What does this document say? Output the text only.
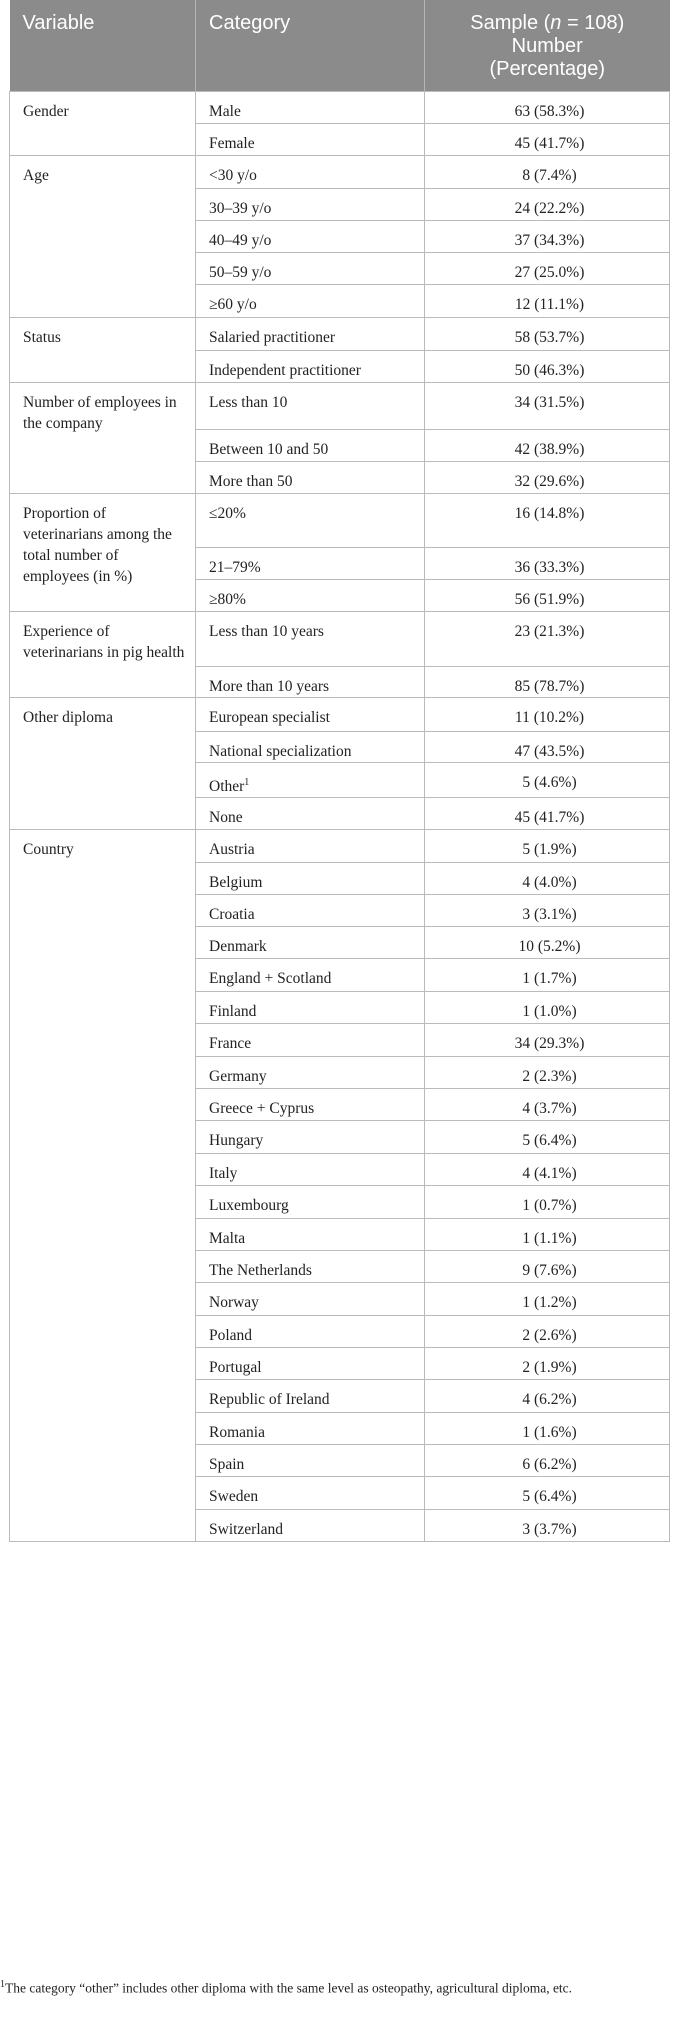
Variable	Category	Sample (n = 108)
Number
(Percentage)
Gender	Male	63 (58.3%)
	Female	45 (41.7%)
Age	<30 y/o	8 (7.4%)
	30–39 y/o	24 (22.2%)
	40–49 y/o	37 (34.3%)
	50–59 y/o	27 (25.0%)
	≥60 y/o	12 (11.1%)
Status	Salaried practitioner	58 (53.7%)
	Independent practitioner	50 (46.3%)
Number of employees in the company	Less than 10	34 (31.5%)
	Between 10 and 50	42 (38.9%)
	More than 50	32 (29.6%)
Proportion of veterinarians among the total number of employees (in %)	≤20%	16 (14.8%)
	21–79%	36 (33.3%)
	≥80%	56 (51.9%)
Experience of veterinarians in pig health	Less than 10 years	23 (21.3%)
	More than 10 years	85 (78.7%)
Other diploma	European specialist	11 (10.2%)
	National specialization	47 (43.5%)
	Other$^1$	5 (4.6%)
	None	45 (41.7%)
Country	Austria	5 (1.9%)
	Belgium	4 (4.0%)
	Croatia	3 (3.1%)
	Denmark	10 (5.2%)
	England + Scotland	1 (1.7%)
	Finland	1 (1.0%)
	France	34 (29.3%)
	Germany	2 (2.3%)
	Greece + Cyprus	4 (3.7%)
	Hungary	5 (6.4%)
	Italy	4 (4.1%)
	Luxembourg	1 (0.7%)
	Malta	1 (1.1%)
	The Netherlands	9 (7.6%)
	Norway	1 (1.2%)
	Poland	2 (2.6%)
	Portugal	2 (1.9%)
	Republic of Ireland	4 (6.2%)
	Romania	1 (1.6%)
	Spain	6 (6.2%)
	Sweden	5 (6.4%)
	Switzerland	3 (3.7%)
$^1$The category “other” includes other diploma with the same level as osteopathy, agricultural diploma, etc.
